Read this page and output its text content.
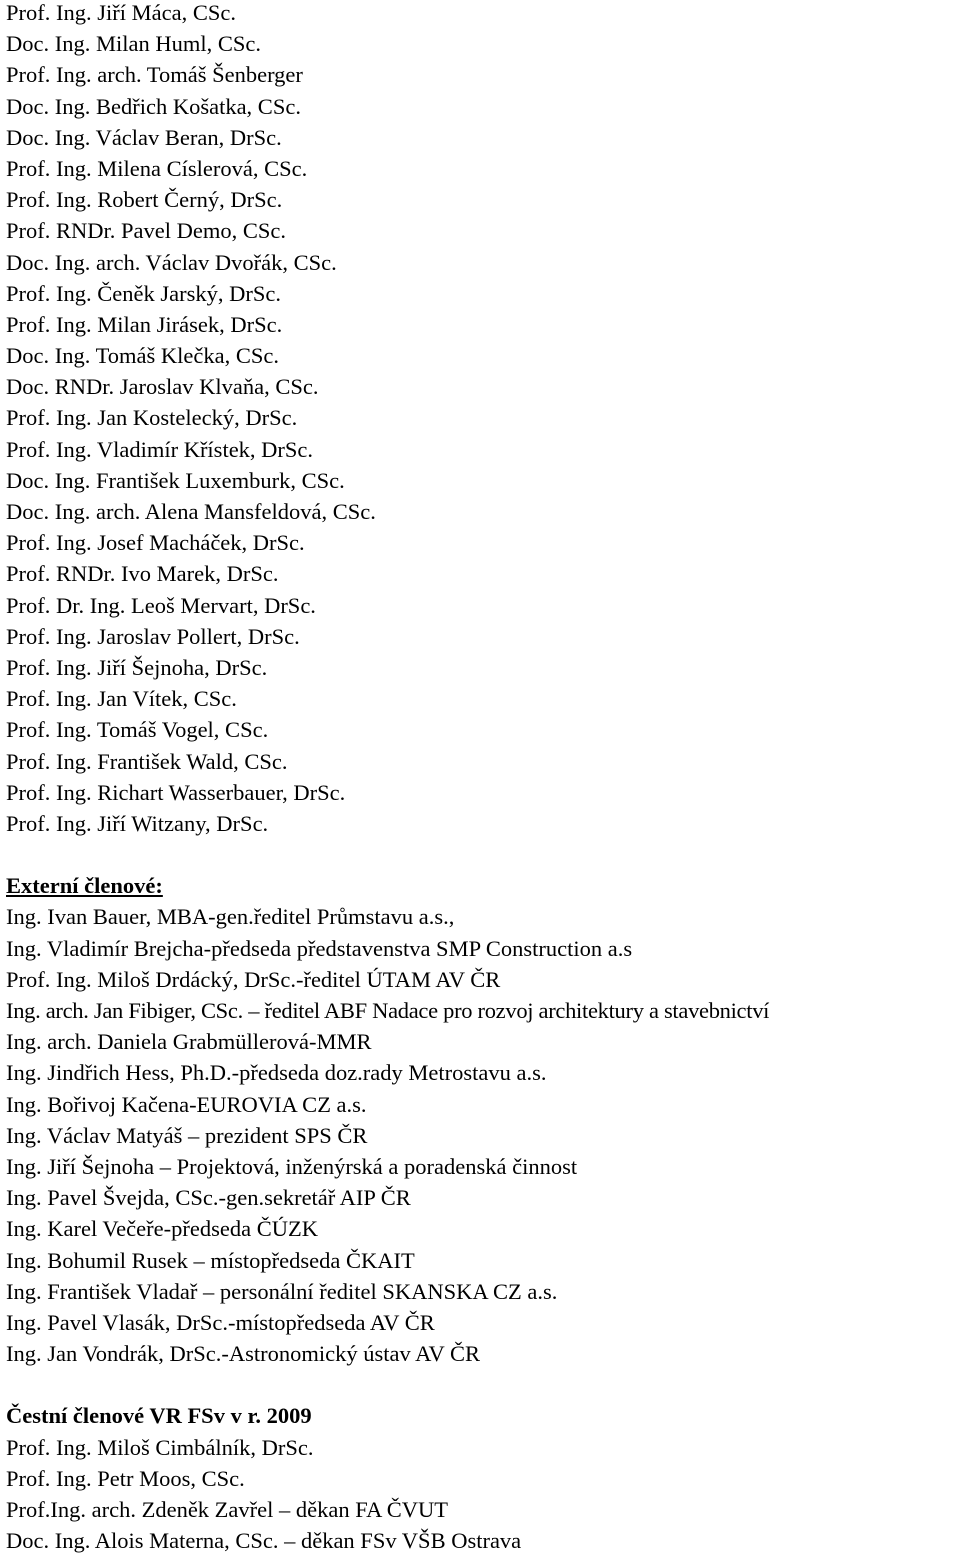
Prof. Ing. Jiří Máca, CSc.
Doc. Ing. Milan Huml, CSc.
Prof. Ing. arch. Tomáš Šenberger
Doc. Ing. Bedřich Košatka, CSc.
Doc. Ing. Václav Beran, DrSc.
Prof. Ing. Milena Císlerová, CSc.
Prof. Ing. Robert Černý, DrSc.
Prof. RNDr. Pavel Demo, CSc.
Doc. Ing. arch. Václav Dvořák, CSc.
Prof. Ing. Čeněk Jarský, DrSc.
Prof. Ing. Milan Jirásek, DrSc.
Doc. Ing. Tomáš Klečka, CSc.
Doc. RNDr. Jaroslav Klvaňa, CSc.
Prof. Ing. Jan Kostelecký, DrSc.
Prof. Ing. Vladimír Křístek, DrSc.
Doc. Ing. František Luxemburk, CSc.
Doc. Ing. arch. Alena Mansfeldová, CSc.
Prof. Ing. Josef Macháček, DrSc.
Prof. RNDr. Ivo Marek, DrSc.
Prof. Dr. Ing. Leoš Mervart, DrSc.
Prof. Ing. Jaroslav Pollert, DrSc.
Prof. Ing. Jiří Šejnoha, DrSc.
Prof. Ing. Jan Vítek, CSc.
Prof. Ing. Tomáš Vogel, CSc.
Prof. Ing. František Wald, CSc.
Prof. Ing. Richart Wasserbauer, DrSc.
Prof. Ing. Jiří Witzany, DrSc.
Externí členové:
Ing. Ivan Bauer, MBA-gen.ředitel Průmstavu a.s.,
Ing. Vladimír Brejcha-předseda představenstva SMP Construction a.s
Prof. Ing. Miloš Drdácký, DrSc.-ředitel ÚTAM AV ČR
Ing. arch. Jan Fibiger, CSc. – ředitel ABF Nadace pro rozvoj architektury a stavebnictví
Ing. arch. Daniela Grabmüllerová-MMR
Ing. Jindřich Hess, Ph.D.-předseda doz.rady Metrostavu a.s.
Ing. Bořivoj Kačena-EUROVIA CZ a.s.
Ing. Václav Matyáš – prezident SPS ČR
Ing. Jiří Šejnoha – Projektová, inženýrská a poradenská činnost
Ing. Pavel Švejda, CSc.-gen.sekretář AIP ČR
Ing. Karel Večeře-předseda ČÚZK
Ing. Bohumil Rusek – místopředseda ČKAIT
Ing. František Vladař – personální ředitel SKANSKA CZ a.s.
Ing. Pavel Vlasák, DrSc.-místopředseda AV ČR
Ing. Jan Vondrák, DrSc.-Astronomický ústav AV ČR
Čestní členové VR FSv v r. 2009
Prof. Ing. Miloš Cimbálník, DrSc.
Prof. Ing. Petr Moos, CSc.
Prof.Ing. arch. Zdeněk Zavřel – děkan FA ČVUT
Doc. Ing. Alois Materna, CSc. – děkan FSv VŠB Ostrava
